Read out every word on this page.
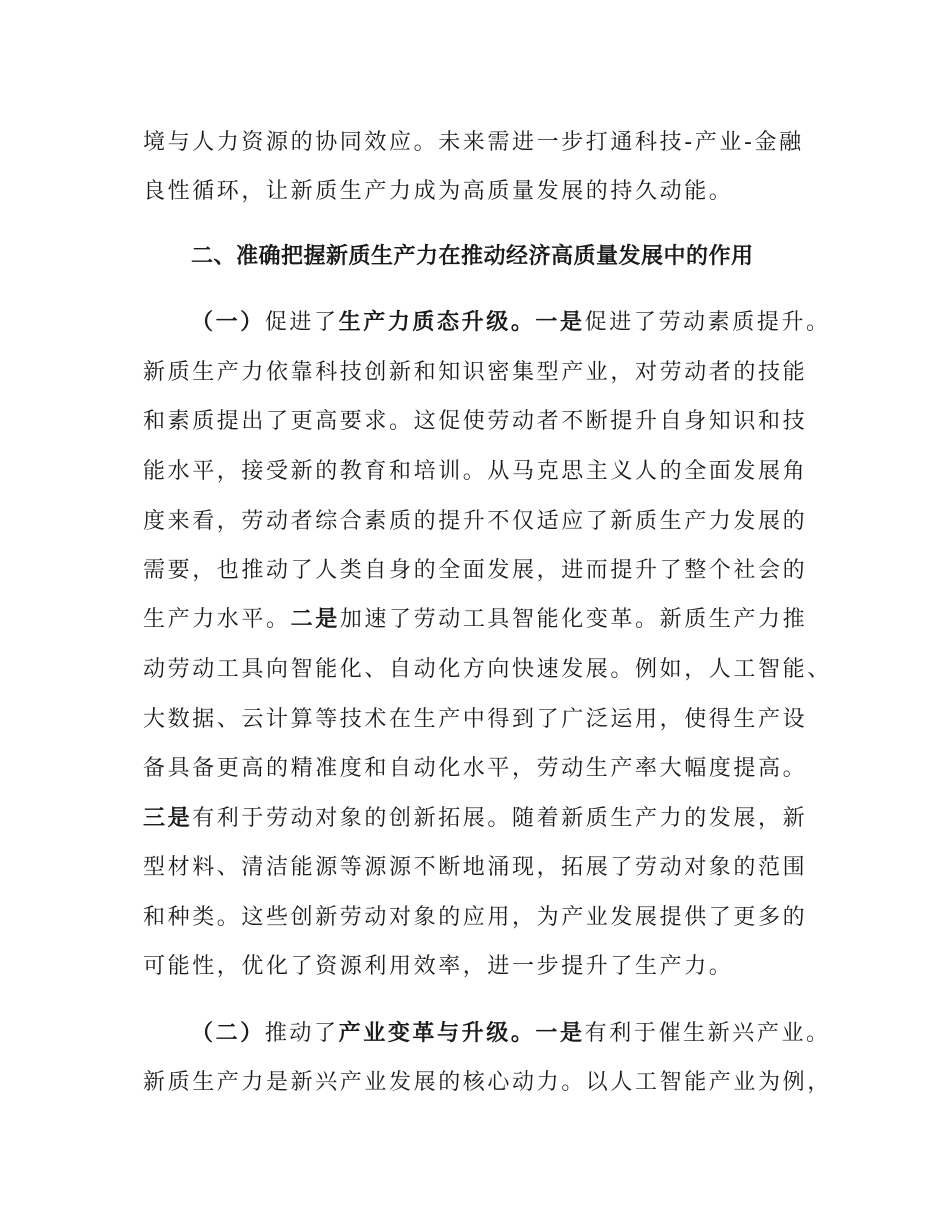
境与人力资源的协同效应。未来需进一步打通科技-产业-金融
良性循环，让新质生产力成为高质量发展的持久动能。
二、准确把握新质生产力在推动经济高质量发展中的作用
（一）促进了生产力质态升级。一是促进了劳动素质提升。
新质生产力依靠科技创新和知识密集型产业，对劳动者的技能
和素质提出了更高要求。这促使劳动者不断提升自身知识和技
能水平，接受新的教育和培训。从马克思主义人的全面发展角
度来看，劳动者综合素质的提升不仅适应了新质生产力发展的
需要，也推动了人类自身的全面发展，进而提升了整个社会的
生产力水平。二是加速了劳动工具智能化变革。新质生产力推
动劳动工具向智能化、自动化方向快速发展。例如，人工智能、
大数据、云计算等技术在生产中得到了广泛运用，使得生产设
备具备更高的精准度和自动化水平，劳动生产率大幅度提高。
三是有利于劳动对象的创新拓展。随着新质生产力的发展，新
型材料、清洁能源等源源不断地涌现，拓展了劳动对象的范围
和种类。这些创新劳动对象的应用，为产业发展提供了更多的
可能性，优化了资源利用效率，进一步提升了生产力。
（二）推动了产业变革与升级。一是有利于催生新兴产业。
新质生产力是新兴产业发展的核心动力。以人工智能产业为例，
